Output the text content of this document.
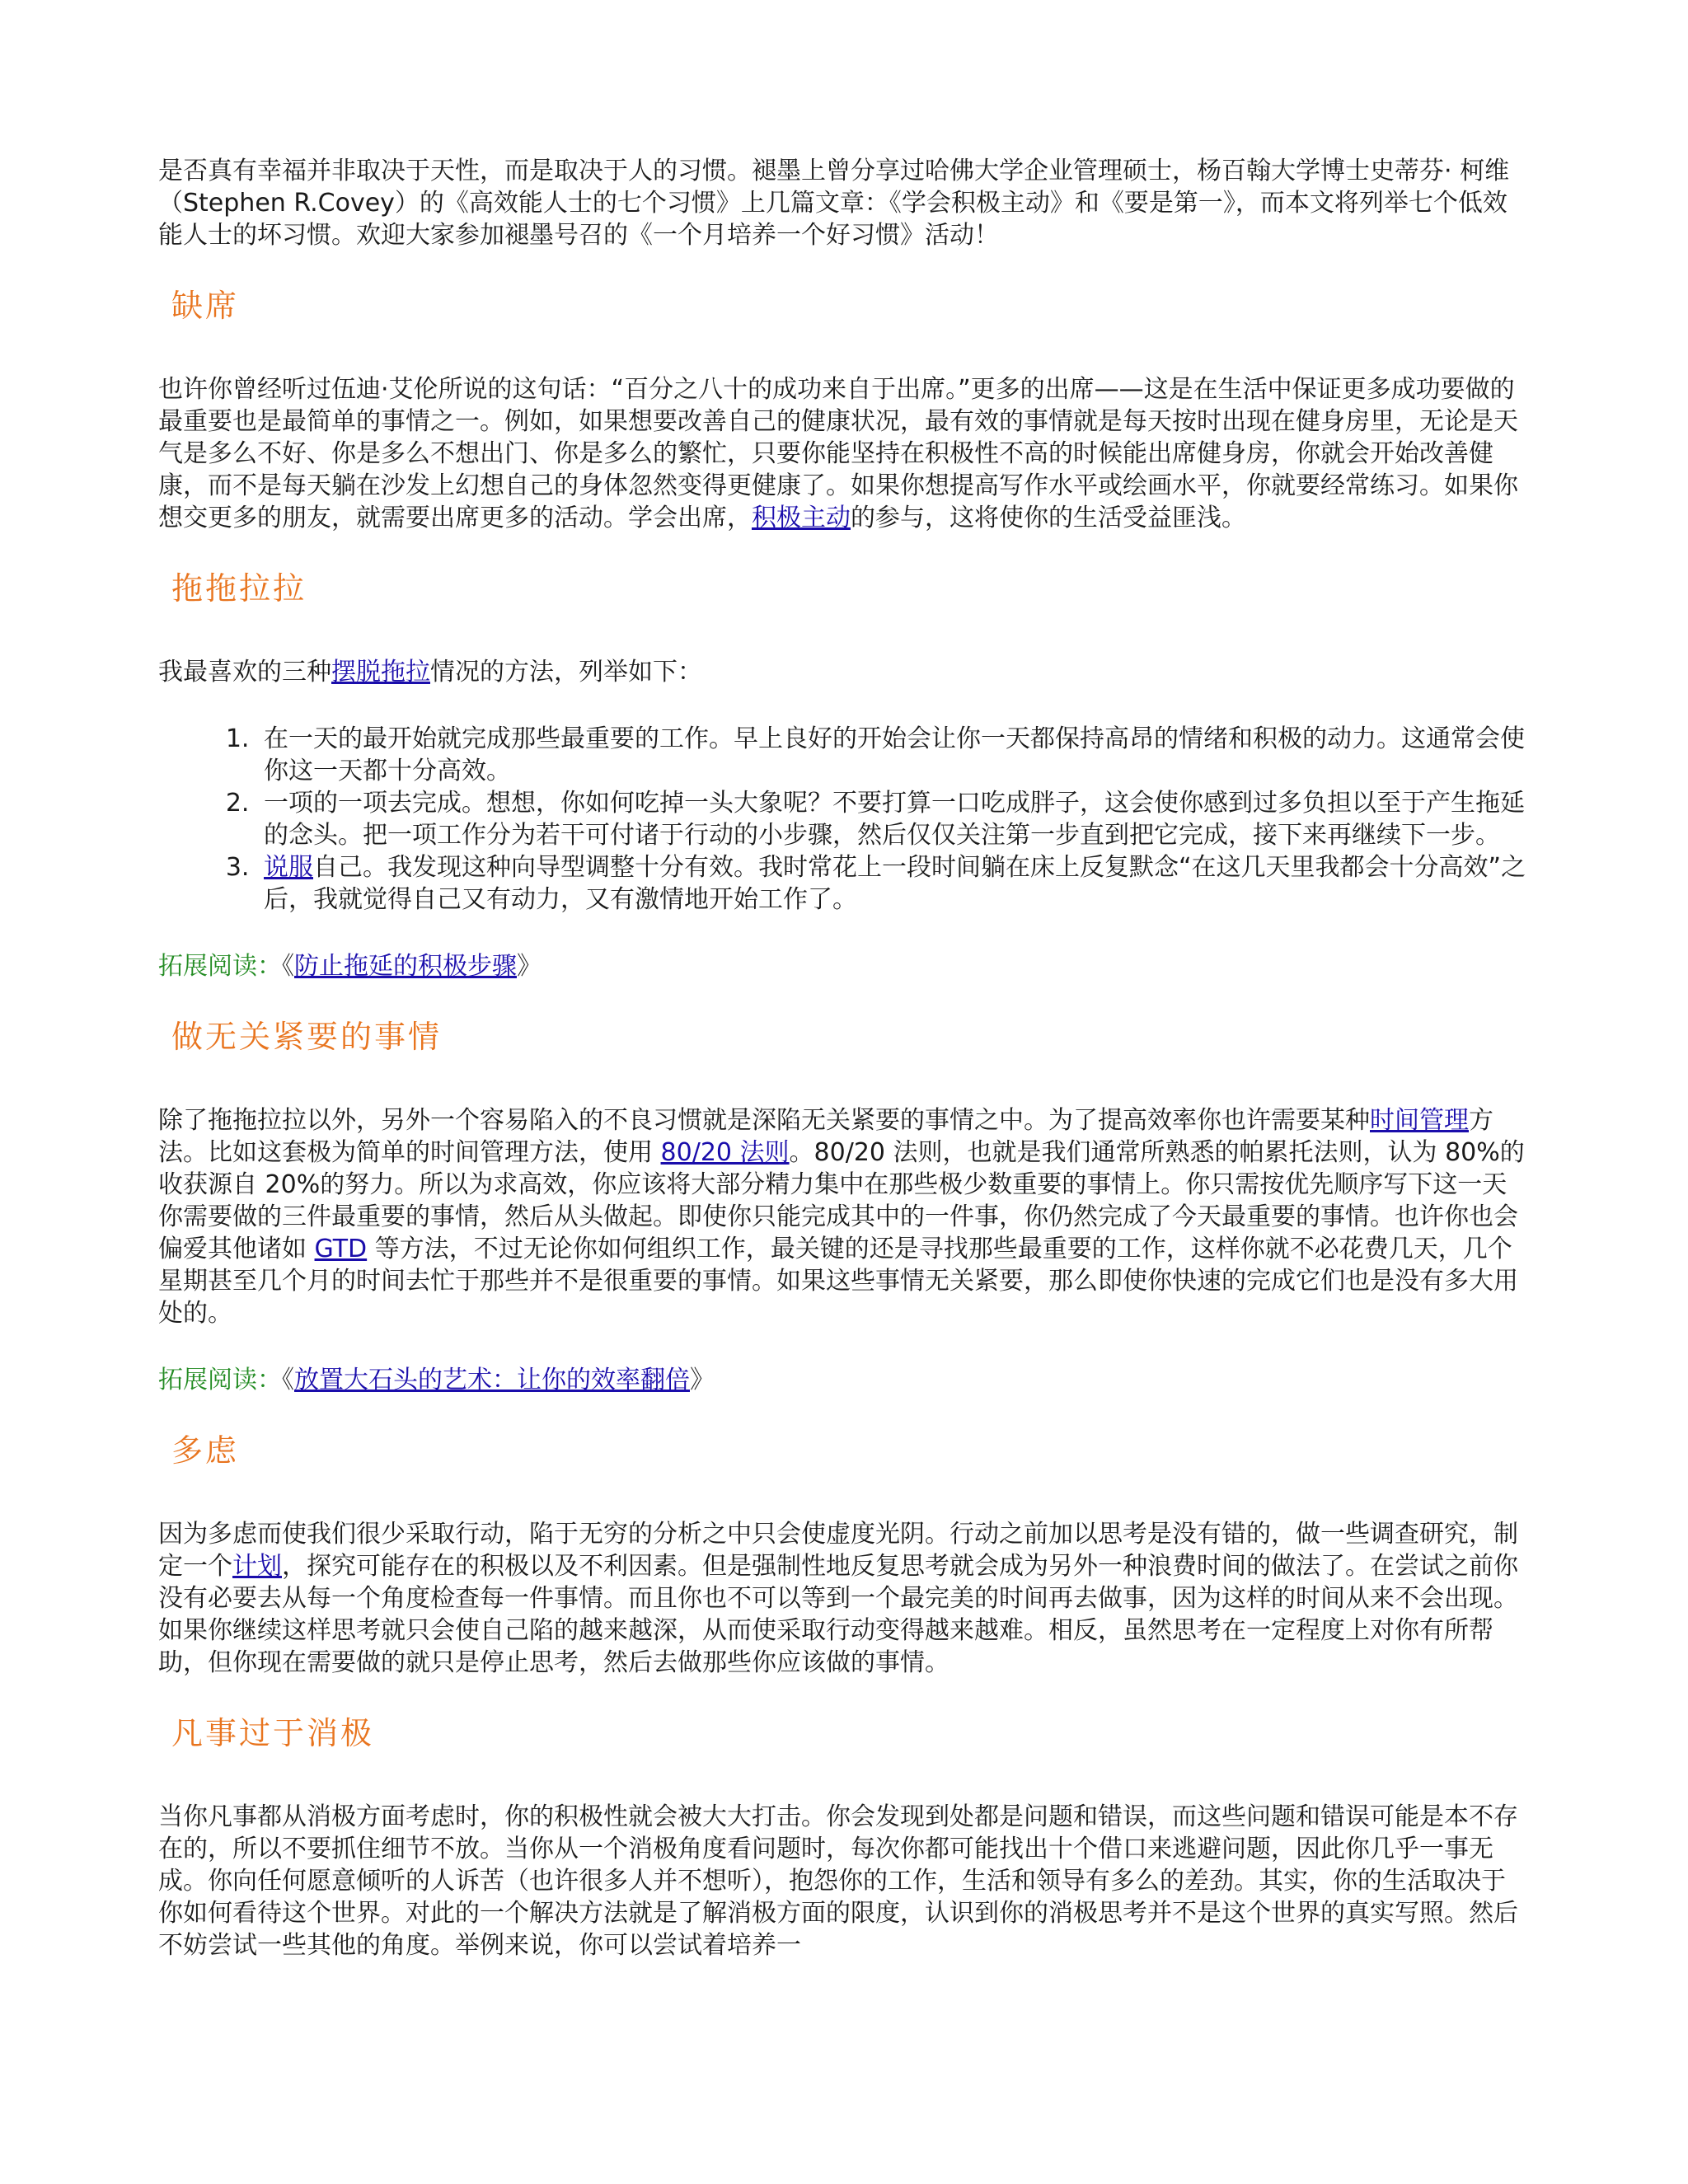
是否真有幸福并非取决于天性，而是取决于人的习惯。褪墨上曾分享过哈佛大学企业管理硕士，杨百翰大学博士史蒂芬· 柯维（Stephen R.Covey）的《高效能人士的七个习惯》上几篇文章：《学会积极主动》和《要是第一》，而本文将列举七个低效能人士的坏习惯。欢迎大家参加褪墨号召的《一个月培养一个好习惯》活动！

缺席

也许你曾经听过伍迪·艾伦所说的这句话：“百分之八十的成功来自于出席。”更多的出席——这是在生活中保证更多成功要做的最重要也是最简单的事情之一。例如，如果想要改善自己的健康状况，最有效的事情就是每天按时出现在健身房里，无论是天气是多么不好、你是多么不想出门、你是多么的繁忙，只要你能坚持在积极性不高的时候能出席健身房，你就会开始改善健康，而不是每天躺在沙发上幻想自己的身体忽然变得更健康了。如果你想提高写作水平或绘画水平，你就要经常练习。如果你想交更多的朋友，就需要出席更多的活动。学会出席，积极主动的参与，这将使你的生活受益匪浅。

拖拖拉拉

我最喜欢的三种摆脱拖拉情况的方法，列举如下：

1. 在一天的最开始就完成那些最重要的工作。早上良好的开始会让你一天都保持高昂的情绪和积极的动力。这通常会使你这一天都十分高效。
2. 一项的一项去完成。想想，你如何吃掉一头大象呢？不要打算一口吃成胖子，这会使你感到过多负担以至于产生拖延的念头。把一项工作分为若干可付诸于行动的小步骤，然后仅仅关注第一步直到把它完成，接下来再继续下一步。
3. 说服自己。我发现这种向导型调整十分有效。我时常花上一段时间躺在床上反复默念“在这几天里我都会十分高效”之后，我就觉得自己又有动力，又有激情地开始工作了。

拓展阅读：《防止拖延的积极步骤》

做无关紧要的事情

除了拖拖拉拉以外，另外一个容易陷入的不良习惯就是深陷无关紧要的事情之中。为了提高效率你也许需要某种时间管理方法。比如这套极为简单的时间管理方法，使用 80/20 法则。80/20 法则，也就是我们通常所熟悉的帕累托法则，认为 80%的收获源自 20%的努力。所以为求高效，你应该将大部分精力集中在那些极少数重要的事情上。你只需按优先顺序写下这一天你需要做的三件最重要的事情，然后从头做起。即使你只能完成其中的一件事，你仍然完成了今天最重要的事情。也许你也会偏爱其他诸如 GTD 等方法，不过无论你如何组织工作，最关键的还是寻找那些最重要的工作，这样你就不必花费几天，几个星期甚至几个月的时间去忙于那些并不是很重要的事情。如果这些事情无关紧要，那么即使你快速的完成它们也是没有多大用处的。

拓展阅读：《放置大石头的艺术：让你的效率翻倍》

多虑

因为多虑而使我们很少采取行动，陷于无穷的分析之中只会使虚度光阴。行动之前加以思考是没有错的，做一些调查研究，制定一个计划，探究可能存在的积极以及不利因素。但是强制性地反复思考就会成为另外一种浪费时间的做法了。在尝试之前你没有必要去从每一个角度检查每一件事情。而且你也不可以等到一个最完美的时间再去做事，因为这样的时间从来不会出现。如果你继续这样思考就只会使自己陷的越来越深，从而使采取行动变得越来越难。相反，虽然思考在一定程度上对你有所帮助，但你现在需要做的就只是停止思考，然后去做那些你应该做的事情。

凡事过于消极

当你凡事都从消极方面考虑时，你的积极性就会被大大打击。你会发现到处都是问题和错误，而这些问题和错误可能是本不存在的，所以不要抓住细节不放。当你从一个消极角度看问题时，每次你都可能找出十个借口来逃避问题，因此你几乎一事无成。你向任何愿意倾听的人诉苦（也许很多人并不想听），抱怨你的工作，生活和领导有多么的差劲。其实，你的生活取决于你如何看待这个世界。对此的一个解决方法就是了解消极方面的限度，认识到你的消极思考并不是这个世界的真实写照。然后不妨尝试一些其他的角度。举例来说，你可以尝试着培养一
